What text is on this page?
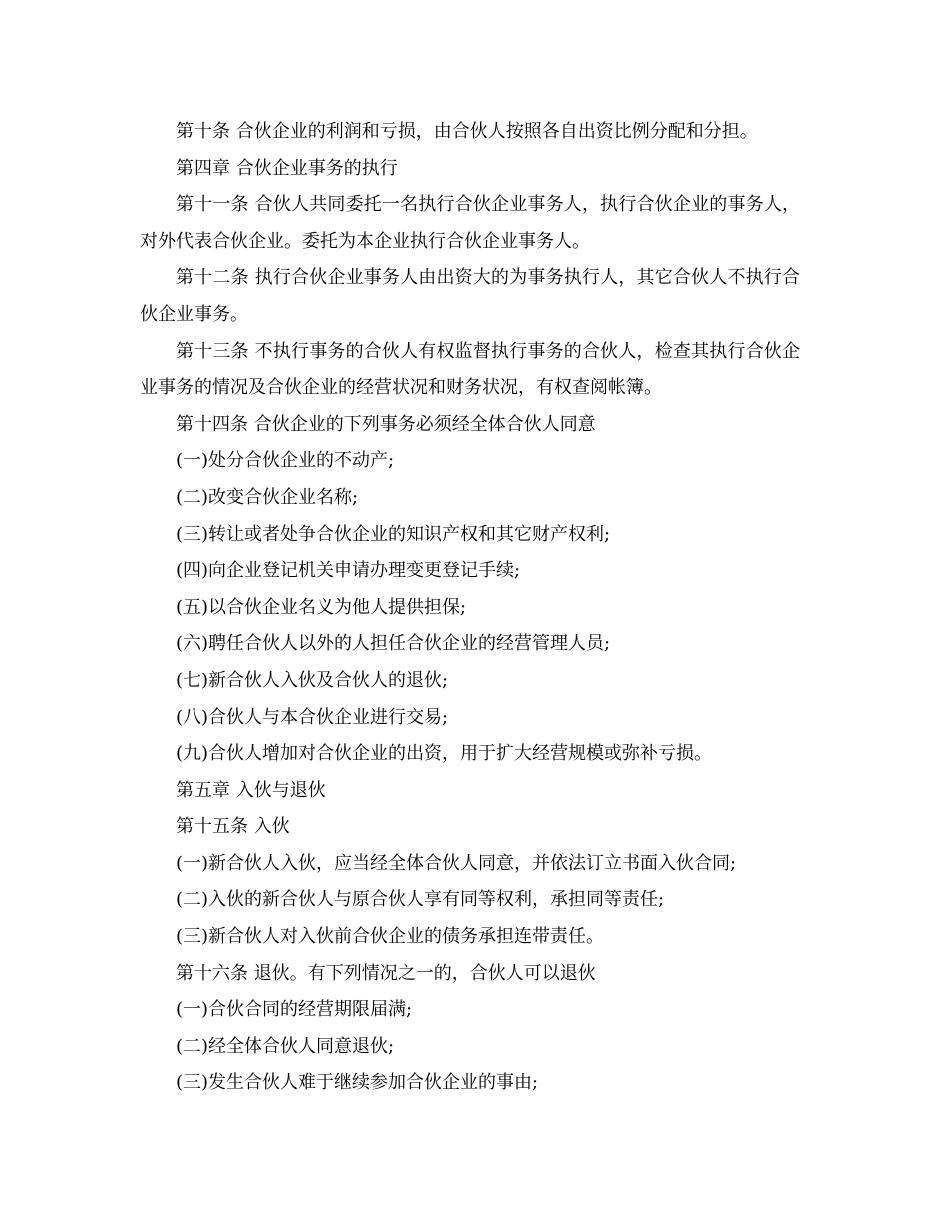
第十条 合伙企业的利润和亏损，由合伙人按照各自出资比例分配和分担。

第四章 合伙企业事务的执行

第十一条 合伙人共同委托一名执行合伙企业事务人，执行合伙企业的事务人，对外代表合伙企业。委托为本企业执行合伙企业事务人。

第十二条 执行合伙企业事务人由出资大的为事务执行人，其它合伙人不执行合伙企业事务。

第十三条 不执行事务的合伙人有权监督执行事务的合伙人，检查其执行合伙企业事务的情况及合伙企业的经营状况和财务状况，有权查阅帐簿。

第十四条 合伙企业的下列事务必须经全体合伙人同意

(一)处分合伙企业的不动产;

(二)改变合伙企业名称;

(三)转让或者处争合伙企业的知识产权和其它财产权利;

(四)向企业登记机关申请办理变更登记手续;

(五)以合伙企业名义为他人提供担保;

(六)聘任合伙人以外的人担任合伙企业的经营管理人员;

(七)新合伙人入伙及合伙人的退伙;

(八)合伙人与本合伙企业进行交易;

(九)合伙人增加对合伙企业的出资，用于扩大经营规模或弥补亏损。

第五章 入伙与退伙

第十五条 入伙

(一)新合伙人入伙，应当经全体合伙人同意，并依法订立书面入伙合同;

(二)入伙的新合伙人与原合伙人享有同等权利，承担同等责任;

(三)新合伙人对入伙前合伙企业的债务承担连带责任。

第十六条 退伙。有下列情况之一的，合伙人可以退伙

(一)合伙合同的经营期限届满;

(二)经全体合伙人同意退伙;

(三)发生合伙人难于继续参加合伙企业的事由;
